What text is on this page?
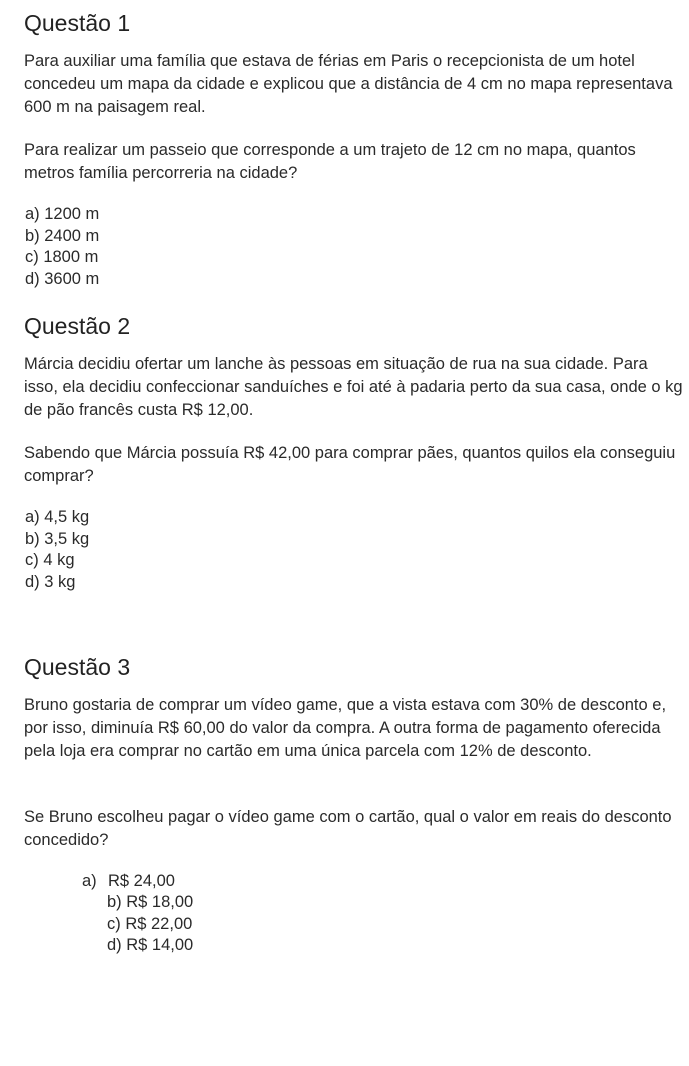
Questão 1

Para auxiliar uma família que estava de férias em Paris o recepcionista de um hotel concedeu um mapa da cidade e explicou que a distância de 4 cm no mapa representava 600 m na paisagem real.

Para realizar um passeio que corresponde a um trajeto de 12 cm no mapa, quantos metros família percorreria na cidade?

a) 1200 m
b) 2400 m
c) 1800 m
d) 3600 m
Questão 2

Márcia decidiu ofertar um lanche às pessoas em situação de rua na sua cidade. Para isso, ela decidiu confeccionar sanduíches e foi até à padaria perto da sua casa, onde o kg de pão francês custa R$ 12,00.

Sabendo que Márcia possuía R$ 42,00 para comprar pães, quantos quilos ela conseguiu comprar?

a) 4,5 kg
b) 3,5 kg
c) 4 kg
d) 3 kg
Questão 3

Bruno gostaria de comprar um vídeo game, que a vista estava com 30% de desconto e, por isso, diminuía R$ 60,00 do valor da compra. A outra forma de pagamento oferecida pela loja era comprar no cartão em uma única parcela com 12% de desconto.

Se Bruno escolheu pagar o vídeo game com o cartão, qual o valor em reais do desconto concedido?

a) R$ 24,00
b) R$ 18,00
c) R$ 22,00
d) R$ 14,00
